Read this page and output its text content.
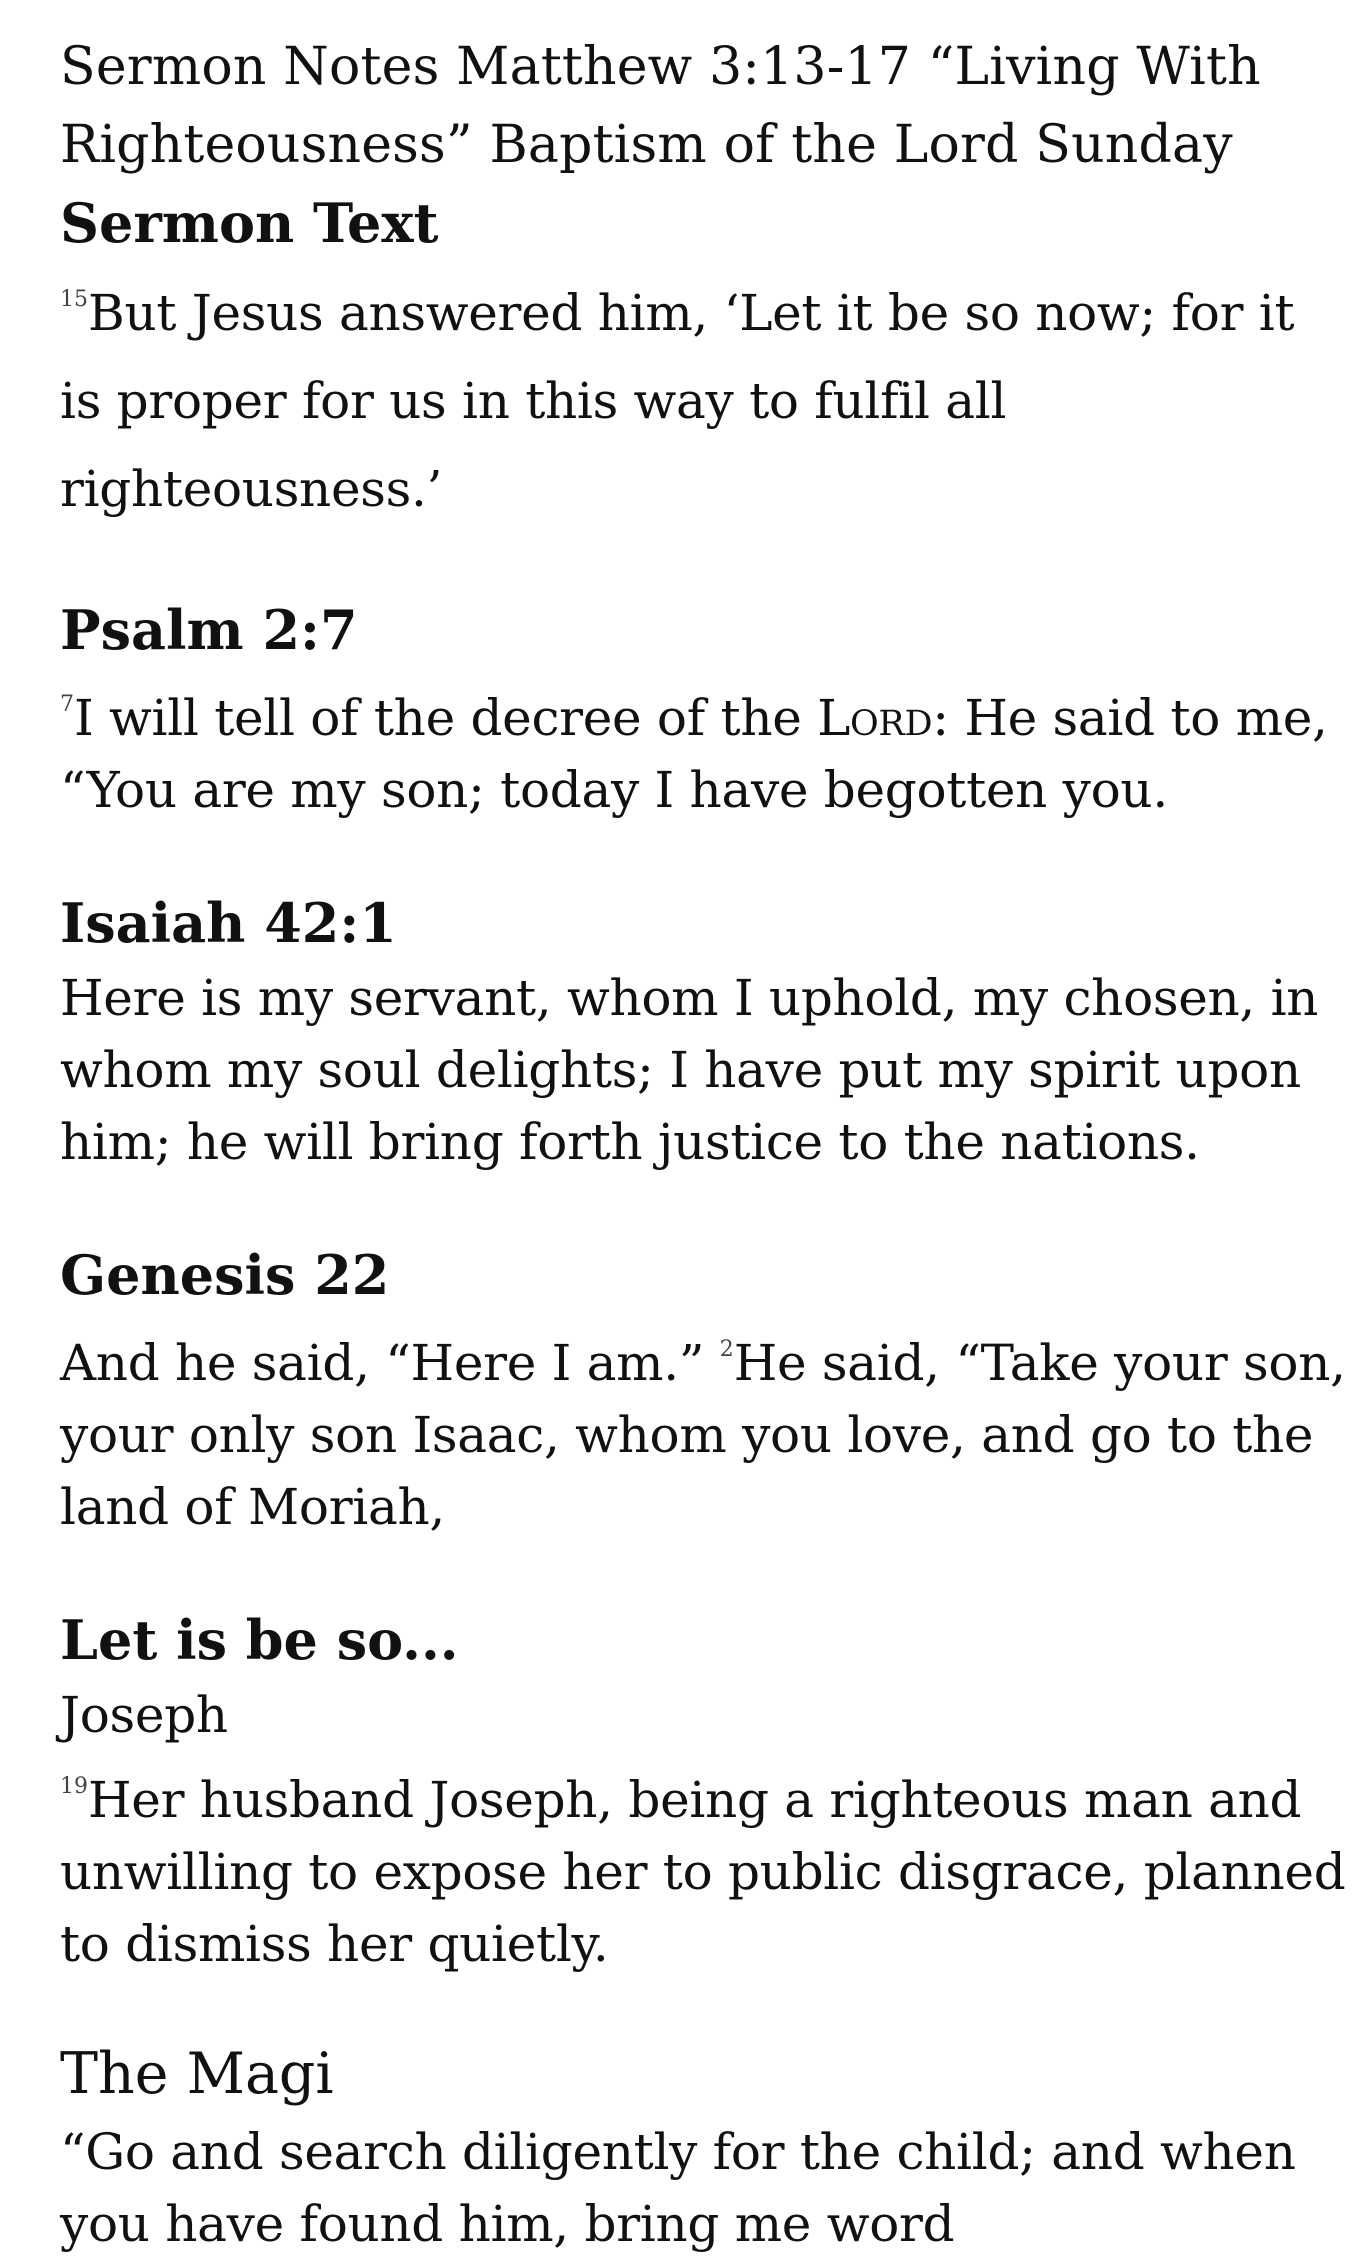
Sermon Notes Matthew 3:13-17 “Living With Righteousness” Baptism of the Lord Sunday

Sermon Text

$^{15}$But Jesus answered him, ‘Let it be so now; for it is proper for us in this way to fulfil all righteousness.’

Psalm 2:7

$^7$I will tell of the decree of the Lord: He said to me, “You are my son; today I have begotten you.

Isaiah 42:1

Here is my servant, whom I uphold, my chosen, in whom my soul delights; I have put my spirit upon him; he will bring forth justice to the nations.

Genesis 22

And he said, “Here I am.” $^2$He said, “Take your son, your only son Isaac, whom you love, and go to the land of Moriah,

Let is be so...

Joseph

$^{19}$Her husband Joseph, being a righteous man and unwilling to expose her to public disgrace, planned to dismiss her quietly.

The Magi

“Go and search diligently for the child; and when you have found him, bring me word
